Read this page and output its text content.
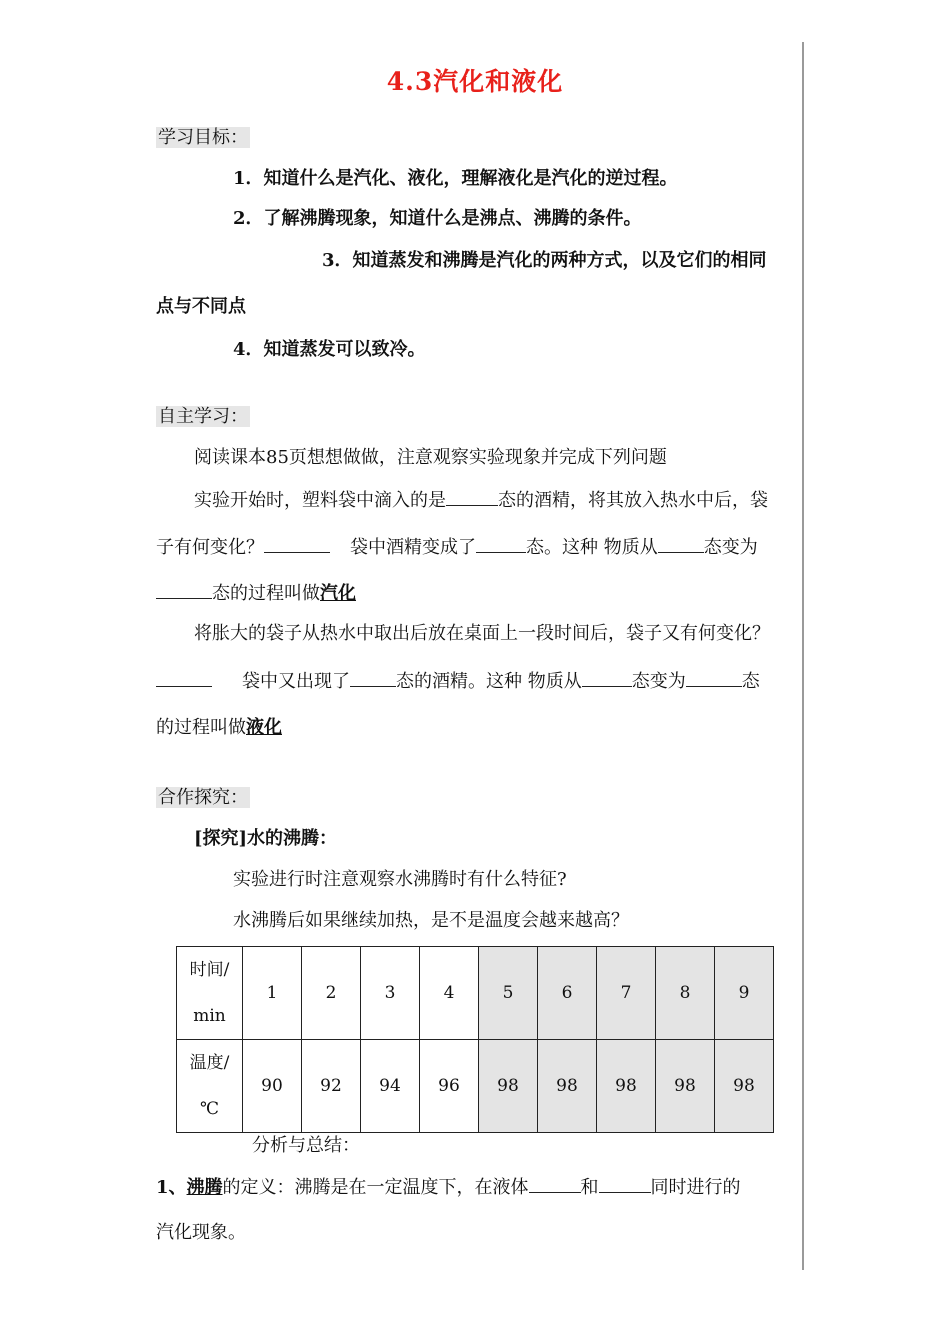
4.3汽化和液化
学习目标：
1．知道什么是汽化、液化，理解液化是汽化的逆过程。
2．了解沸腾现象，知道什么是沸点、沸腾的条件。
3．知道蒸发和沸腾是汽化的两种方式，以及它们的相同
点与不同点
4．知道蒸发可以致冷。
自主学习：
阅读课本85页想想做做，注意观察实验现象并完成下列问题
实验开始时，塑料袋中滴入的是	态的酒精，将其放入热水中后，袋
子有何变化？	袋中酒精变成了	态。这种 物质从	态变为
态的过程叫做汽化
将胀大的袋子从热水中取出后放在桌面上一段时间后，袋子又有何变化？
袋中又出现了	态的酒精。这种 物质从	态变为	态
的过程叫做液化
合作探究：
[探究]水的沸腾：
实验进行时注意观察水沸腾时有什么特征?
水沸腾后如果继续加热，是不是温度会越来越高？
时间/
min	1	2	3	4	5	6	7	8	9
温度/
℃	90	92	94	96	98	98	98	98	98
分析与总结：
1、沸腾的定义：沸腾是在一定温度下，在液体	和	同时进行的
汽化现象。
